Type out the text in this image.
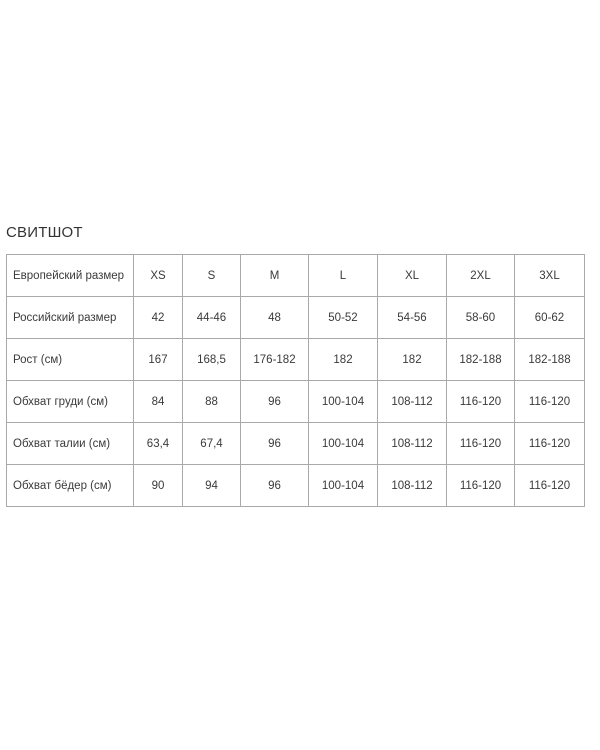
СВИТШОТ
Европейский размер	XS	S	M	L	XL	2XL	3XL
Российский размер	42	44-46	48	50-52	54-56	58-60	60-62
Рост (см)	167	168,5	176-182	182	182	182-188	182-188
Обхват груди (см)	84	88	96	100-104	108-112	116-120	116-120
Обхват талии (см)	63,4	67,4	96	100-104	108-112	116-120	116-120
Обхват бёдер (см)	90	94	96	100-104	108-112	116-120	116-120
